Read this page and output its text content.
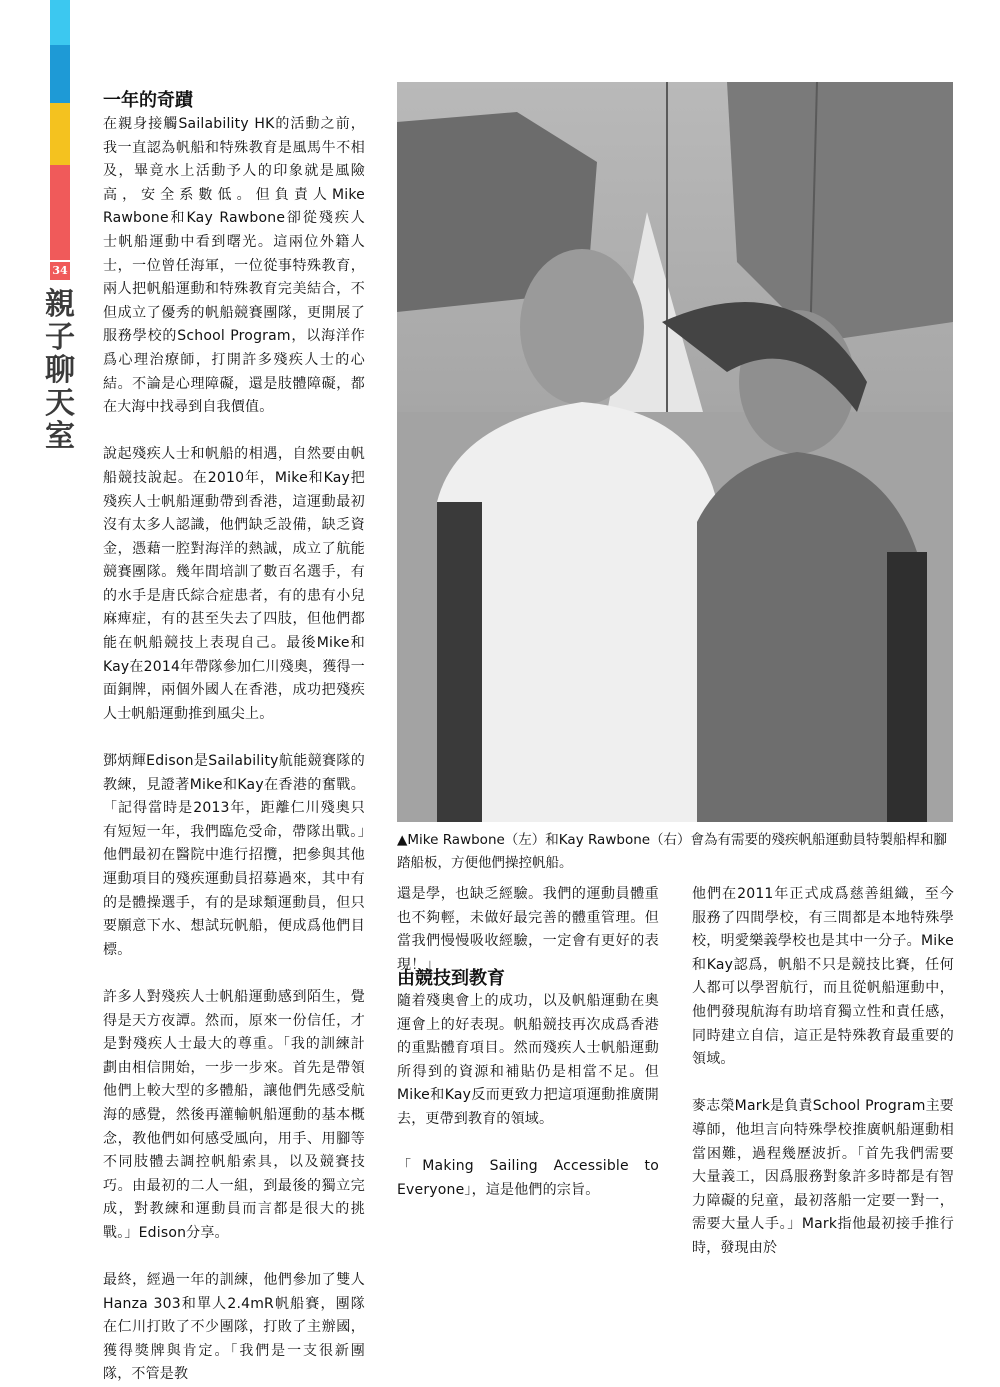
34
親子聊天室
一年的奇蹟

在親身接觸Sailability HK的活動之前，我一直認為帆船和特殊教育是風馬牛不相及，畢竟水上活動予人的印象就是風險高，安全系數低。但負責人Mike Rawbone和Kay Rawbone卻從殘疾人士帆船運動中看到曙光。這兩位外籍人士，一位曾任海軍，一位從事特殊教育，兩人把帆船運動和特殊教育完美結合，不但成立了優秀的帆船競賽團隊，更開展了服務學校的School Program，以海洋作爲心理治療師，打開許多殘疾人士的心結。不論是心理障礙，還是肢體障礙，都在大海中找尋到自我價值。

說起殘疾人士和帆船的相遇，自然要由帆船競技說起。在2010年，Mike和Kay把殘疾人士帆船運動帶到香港，這運動最初沒有太多人認識，他們缺乏設備，缺乏資金，憑藉一腔對海洋的熱誠，成立了航能競賽團隊。幾年間培訓了數百名選手，有的水手是唐氏綜合症患者，有的患有小兒麻痺症，有的甚至失去了四肢，但他們都能在帆船競技上表現自己。最後Mike和Kay在2014年帶隊參加仁川殘奧，獲得一面銅牌，兩個外國人在香港，成功把殘疾人士帆船運動推到風尖上。

鄧炳輝Edison是Sailability航能競賽隊的教練，見證著Mike和Kay在香港的奮戰。「記得當時是2013年，距離仁川殘奧只有短短一年，我們臨危受命，帶隊出戰。」他們最初在醫院中進行招攬，把參與其他運動項目的殘疾運動員招募過來，其中有的是體操選手，有的是球類運動員，但只要願意下水、想試玩帆船，便成爲他們目標。

許多人對殘疾人士帆船運動感到陌生，覺得是天方夜譚。然而，原來一份信任，才是對殘疾人士最大的尊重。「我的訓練計劃由相信開始，一步一步來。首先是帶領他們上較大型的多體船，讓他們先感受航海的感覺，然後再灌輸帆船運動的基本概念，教他們如何感受風向，用手、用腳等不同肢體去調控帆船索具，以及競賽技巧。由最初的二人一組，到最後的獨立完成，對教練和運動員而言都是很大的挑戰。」Edison分享。

最終，經過一年的訓練，他們參加了雙人Hanza 303和單人2.4mR帆船賽，團隊在仁川打敗了不少團隊，打敗了主辦國，獲得獎牌與肯定。「我們是一支很新團隊，不管是教

▲Mike Rawbone（左）和Kay Rawbone（右）會為有需要的殘疾帆船運動員特製船桿和腳踏船板，方便他們操控帆船。

還是學，也缺乏經驗。我們的運動員體重也不夠輕，未做好最完善的體重管理。但當我們慢慢吸收經驗，一定會有更好的表現！」

由競技到教育

隨着殘奧會上的成功，以及帆船運動在奧運會上的好表現。帆船競技再次成爲香港的重點體育項目。然而殘疾人士帆船運動所得到的資源和補貼仍是相當不足。但Mike和Kay反而更致力把這項運動推廣開去，更帶到教育的領域。

「Making Sailing Accessible to Everyone」，這是他們的宗旨。

他們在2011年正式成爲慈善組織，至今服務了四間學校，有三間都是本地特殊學校，明愛樂義學校也是其中一分子。Mike和Kay認爲，帆船不只是競技比賽，任何人都可以學習航行，而且從帆船運動中，他們發現航海有助培育獨立性和責任感，同時建立自信，這正是特殊教育最重要的領域。

麥志榮Mark是負責School Program主要導師，他坦言向特殊學校推廣帆船運動相當困難，過程幾歷波折。「首先我們需要大量義工，因爲服務對象許多時都是有智力障礙的兒童，最初落船一定要一對一，需要大量人手。」Mark指他最初接手推行時，發現由於
